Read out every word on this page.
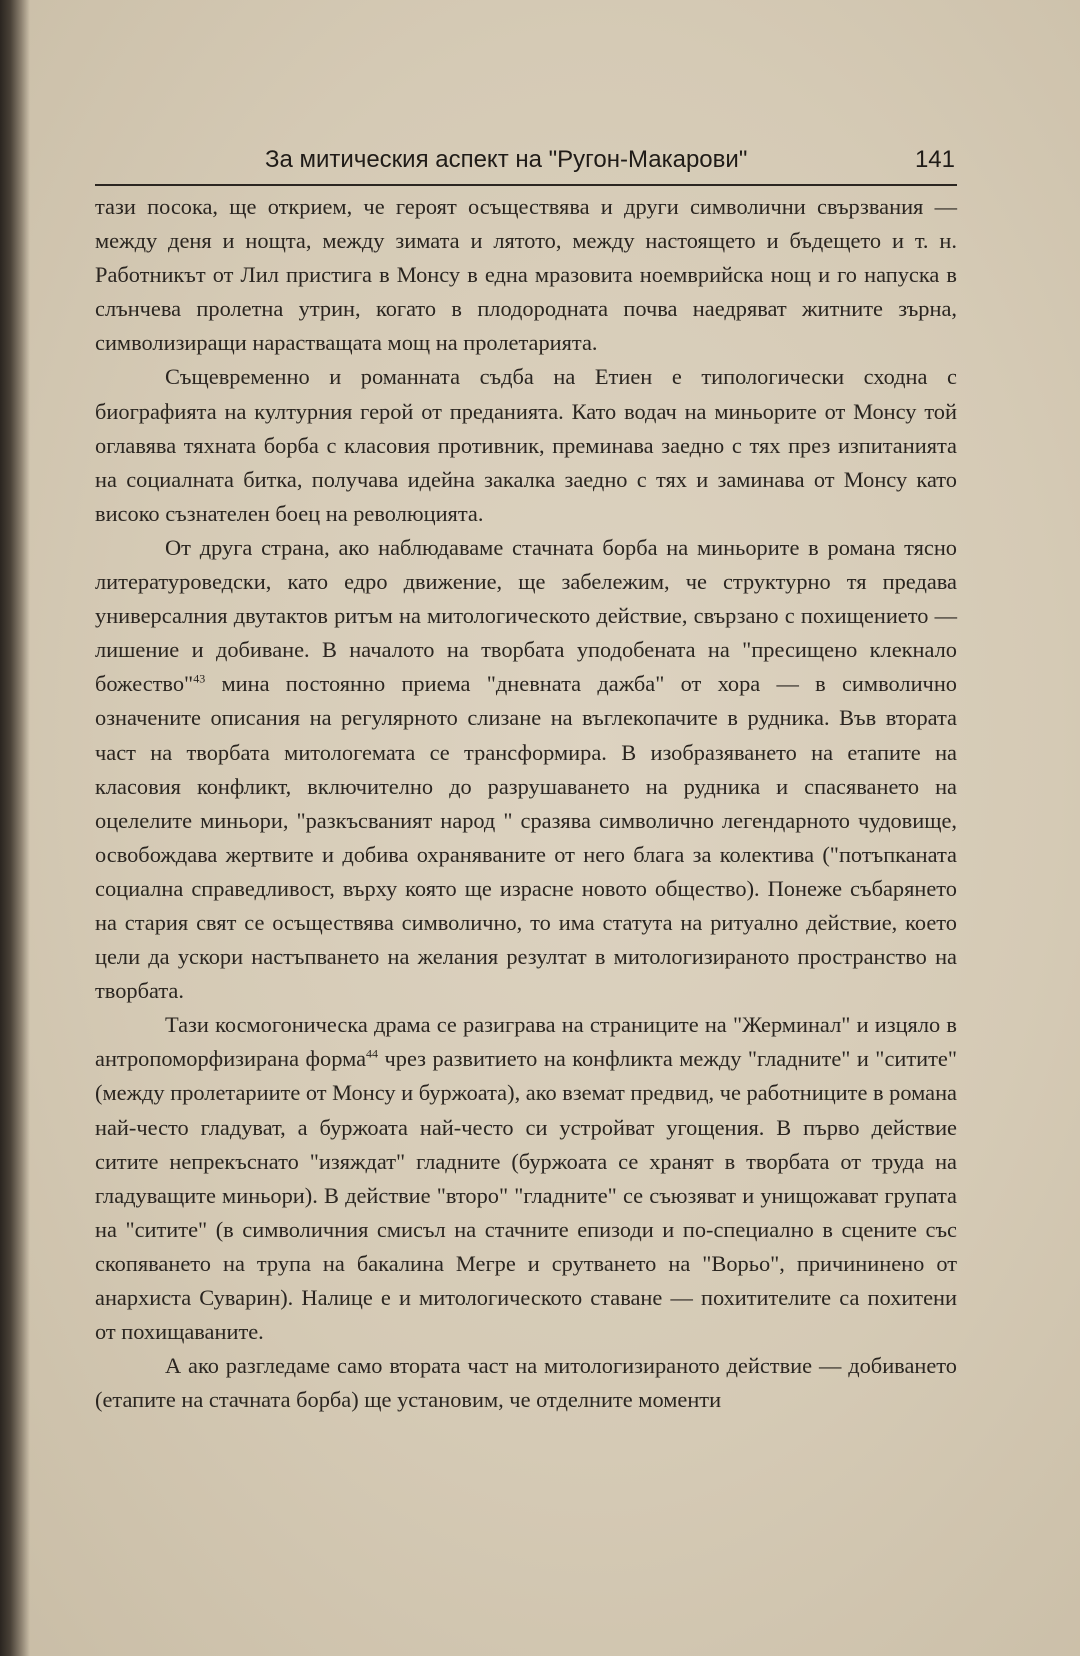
За митическия аспект на "Ругон-Макарови"	141

тази посока, ще открием, че героят осъществява и други символични свързвания — между деня и нощта, между зимата и лятото, между настоящето и бъдещето и т. н. Работникът от Лил пристига в Монсу в една мразовита ноемврийска нощ и го напуска в слънчева пролетна утрин, когато в плодородната почва наедряват житните зърна, символизиращи нарастващата мощ на пролетарията.

Същевременно и романната съдба на Етиен е типологически сходна с биографията на културния герой от преданията. Като водач на миньорите от Монсу той оглавява тяхната борба с класовия противник, преминава заедно с тях през изпитанията на социалната битка, получава идейна закалка заедно с тях и заминава от Монсу като високо съзнателен боец на революцията.

От друга страна, ако наблюдаваме стачната борба на миньорите в романа тясно литературоведски, като едро движение, ще забележим, че структурно тя предава универсалния двутактов ритъм на митологическото действие, свързано с похищението — лишение и добиване. В началото на творбата уподобената на "пресищено клекнало божество"$^{43}$ мина постоянно приема "дневната дажба" от хора — в символично означените описания на регулярното слизане на въглекопачите в рудника. Във втората част на творбата митологемата се трансформира. В изобразяването на етапите на класовия конфликт, включително до разрушаването на рудника и спасяването на оцелелите миньори, "разкъсваният народ " сразява символично легендарното чудовище, освобождава жертвите и добива охраняваните от него блага за колектива ("потъпканата социална справедливост, върху която ще израсне новото общество). Понеже събарянето на стария свят се осъществява символично, то има статута на ритуално действие, което цели да ускори настъпването на желания резултат в митологизираното пространство на творбата.

Тази космогоническа драма се разиграва на страниците на "Жерминал" и изцяло в антропоморфизирана форма$^{44}$ чрез развитието на конфликта между "гладните" и "ситите" (между пролетариите от Монсу и буржоата), ако вземат предвид, че работниците в романа най-често гладуват, а буржоата най-често си устройват угощения. В първо действие ситите непрекъснато "изяждат" гладните (буржоата се хранят в творбата от труда на гладуващите миньори). В действие "второ" "гладните" се съюзяват и унищожават групата на "ситите" (в символичния смисъл на стачните епизоди и по-специално в сцените със скопяването на трупа на бакалина Мегре и срутването на "Ворьо", причининено от анархиста Суварин). Налице е и митологическото ставане — похитителите са похитени от похищаваните.

А ако разгледаме само втората част на митологизираното действие — добиването (етапите на стачната борба) ще установим, че отделните моменти
